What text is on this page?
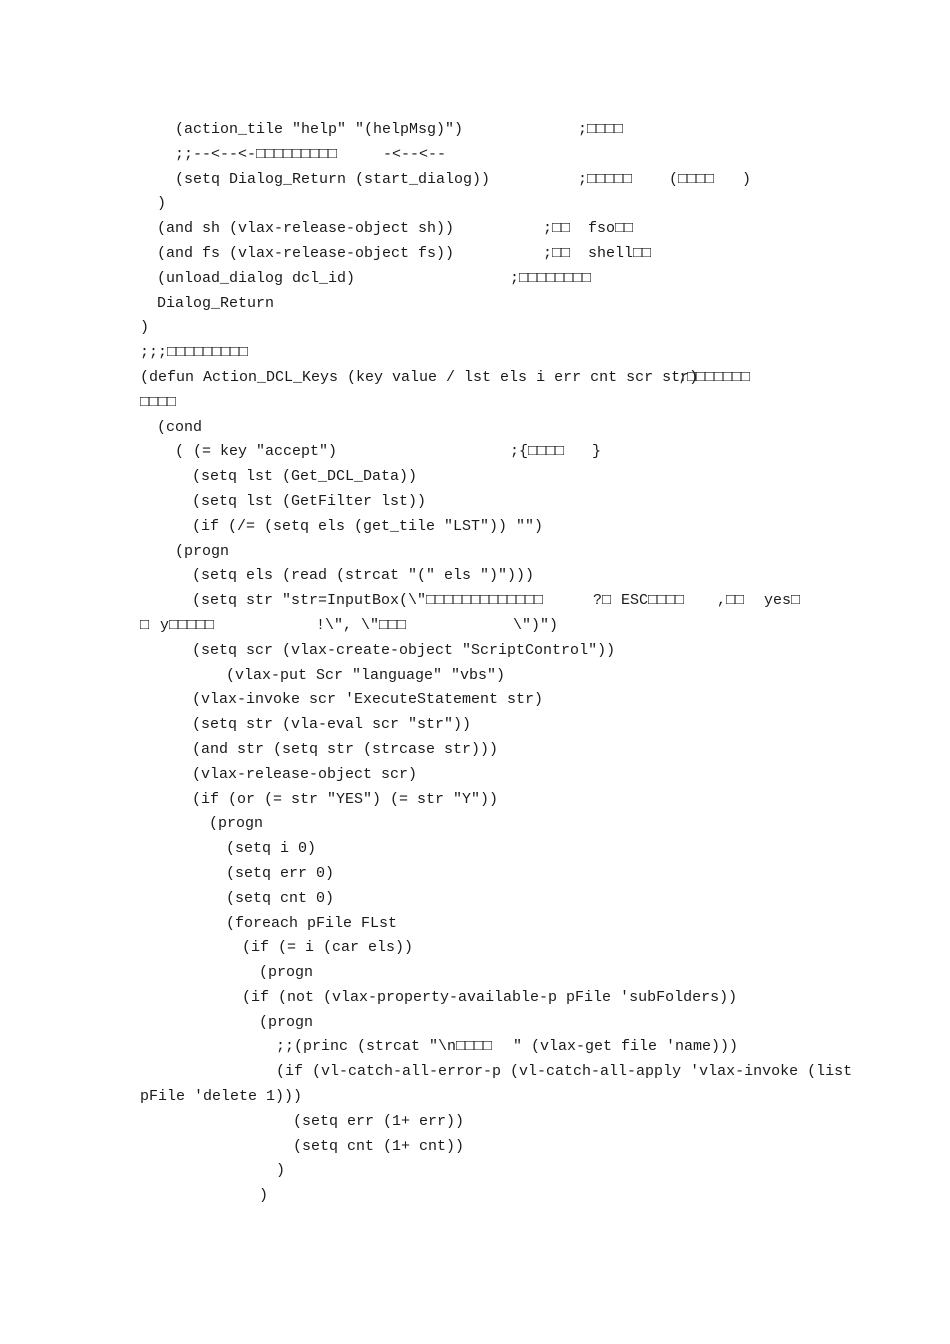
(action_tile "help" "(helpMsg)")	;□□□□
;;--<--<-□□□□□□□□□	-<--<--
(setq Dialog_Return (start_dialog))	;□□□□□ (□□□□ )
)
(and sh (vlax-release-object sh))	;□□ fso□□
(and fs (vlax-release-object fs))	;□□ shell□□
(unload_dialog dcl_id)	;□□□□□□□□
Dialog_Return
)
;;;□□□□□□□□□
(defun Action_DCL_Keys (key value / lst els i err cnt scr str)
;□□□□□□□
□□□□
(cond
( (= key "accept")	;{□□□□ }
(setq lst (Get_DCL_Data))
(setq lst (GetFilter lst))
(if (/= (setq els (get_tile "LST")) "")
(progn
(setq els (read (strcat "(" els ")")))
(setq str "str=InputBox(\"□□□□□□□□□□□□□	?□ ESC□□□□ ,□□ yes□
□ y□□□□□	!\", \"□□□	\")")
(setq scr (vlax-create-object "ScriptControl"))
(vlax-put Scr "language" "vbs")
(vlax-invoke scr 'ExecuteStatement str)
(setq str (vla-eval scr "str"))
(and str (setq str (strcase str)))
(vlax-release-object scr)
(if (or (= str "YES") (= str "Y"))
(progn
(setq i 0)
(setq err 0)
(setq cnt 0)
(foreach pFile FLst
(if (= i (car els))
(progn
(if (not (vlax-property-available-p pFile 'subFolders))
(progn
;;(princ (strcat "\n□□□□ " (vlax-get file 'name)))
(if (vl-catch-all-error-p (vl-catch-all-apply 'vlax-invoke (list
pFile 'delete 1)))
(setq err (1+ err))
(setq cnt (1+ cnt))
)
)
